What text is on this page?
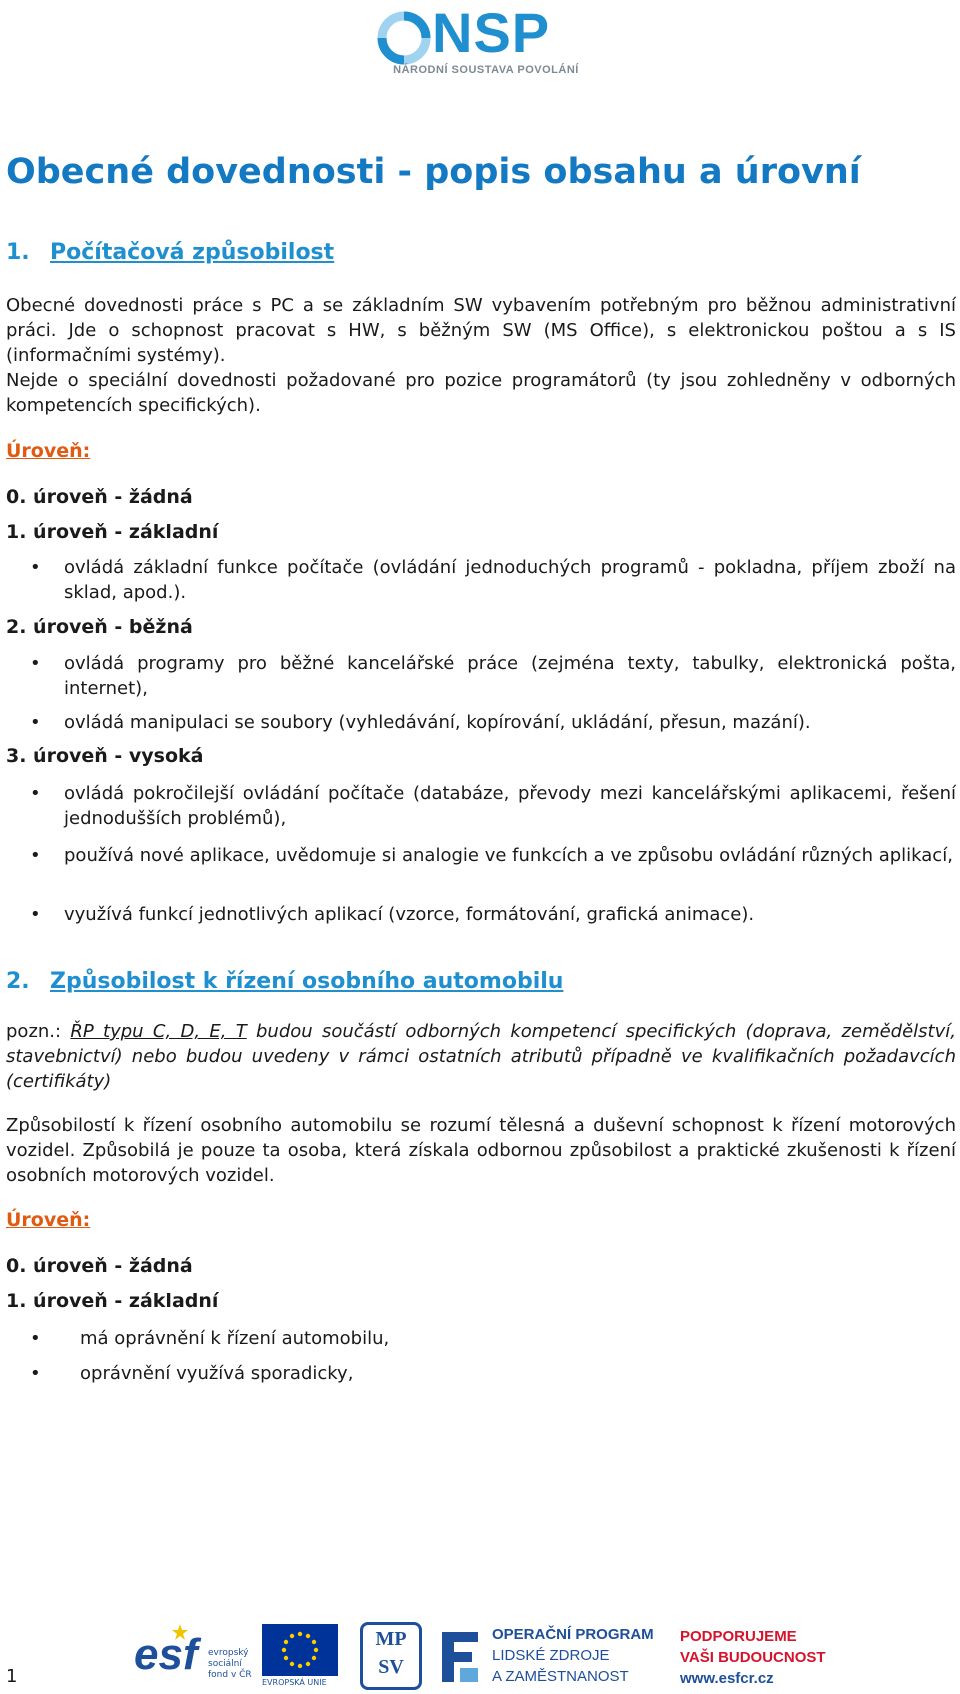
NSP
NÁRODNÍ SOUSTAVA POVOLÁNÍ
Obecné dovednosti - popis obsahu a úrovní
1. Počítačová způsobilost

Obecné dovednosti práce s PC a se základním SW vybavením potřebným pro běžnou administrativní práci. Jde o schopnost pracovat s HW, s běžným SW (MS Office), s elektronickou poštou a s IS (informačními systémy).

Nejde o speciální dovednosti požadované pro pozice programátorů (ty jsou zohledněny v odborných kompetencích specifických).

Úroveň:
0. úroveň - žádná
1. úroveň - základní
• ovládá základní funkce počítače (ovládání jednoduchých programů - pokladna, příjem zboží na sklad, apod.).
2. úroveň - běžná
• ovládá programy pro běžné kancelářské práce (zejména texty, tabulky, elektronická pošta, internet),
• ovládá manipulaci se soubory (vyhledávání, kopírování, ukládání, přesun, mazání).
3. úroveň - vysoká
• ovládá pokročilejší ovládání počítače (databáze, převody mezi kancelářskými aplikacemi, řešení jednodušších problémů),
• používá nové aplikace, uvědomuje si analogie ve funkcích a ve způsobu ovládání různých aplikací,
• využívá funkcí jednotlivých aplikací (vzorce, formátování, grafická animace).
2. Způsobilost k řízení osobního automobilu

pozn.: ŘP typu C, D, E, T budou součástí odborných kompetencí specifických (doprava, zemědělství, stavebnictví) nebo budou uvedeny v rámci ostatních atributů případně ve kvalifikačních požadavcích (certifikáty)

Způsobilostí k řízení osobního automobilu se rozumí tělesná a duševní schopnost k řízení motorových vozidel. Způsobilá je pouze ta osoba, která získala odbornou způsobilost a praktické zkušenosti k řízení osobních motorových vozidel.

Úroveň:
0. úroveň - žádná
1. úroveň - základní
• má oprávnění k řízení automobilu,
• oprávnění využívá sporadicky,
1	esf evropský
sociální
fond v ČR
EVROPSKÁ UNIE
MP
SV
OPERAČNÍ PROGRAM
LIDSKÉ ZDROJE
A ZAMĚSTNANOST
PODPORUJEME
VAŠI BUDOUCNOST
www.esfcr.cz
